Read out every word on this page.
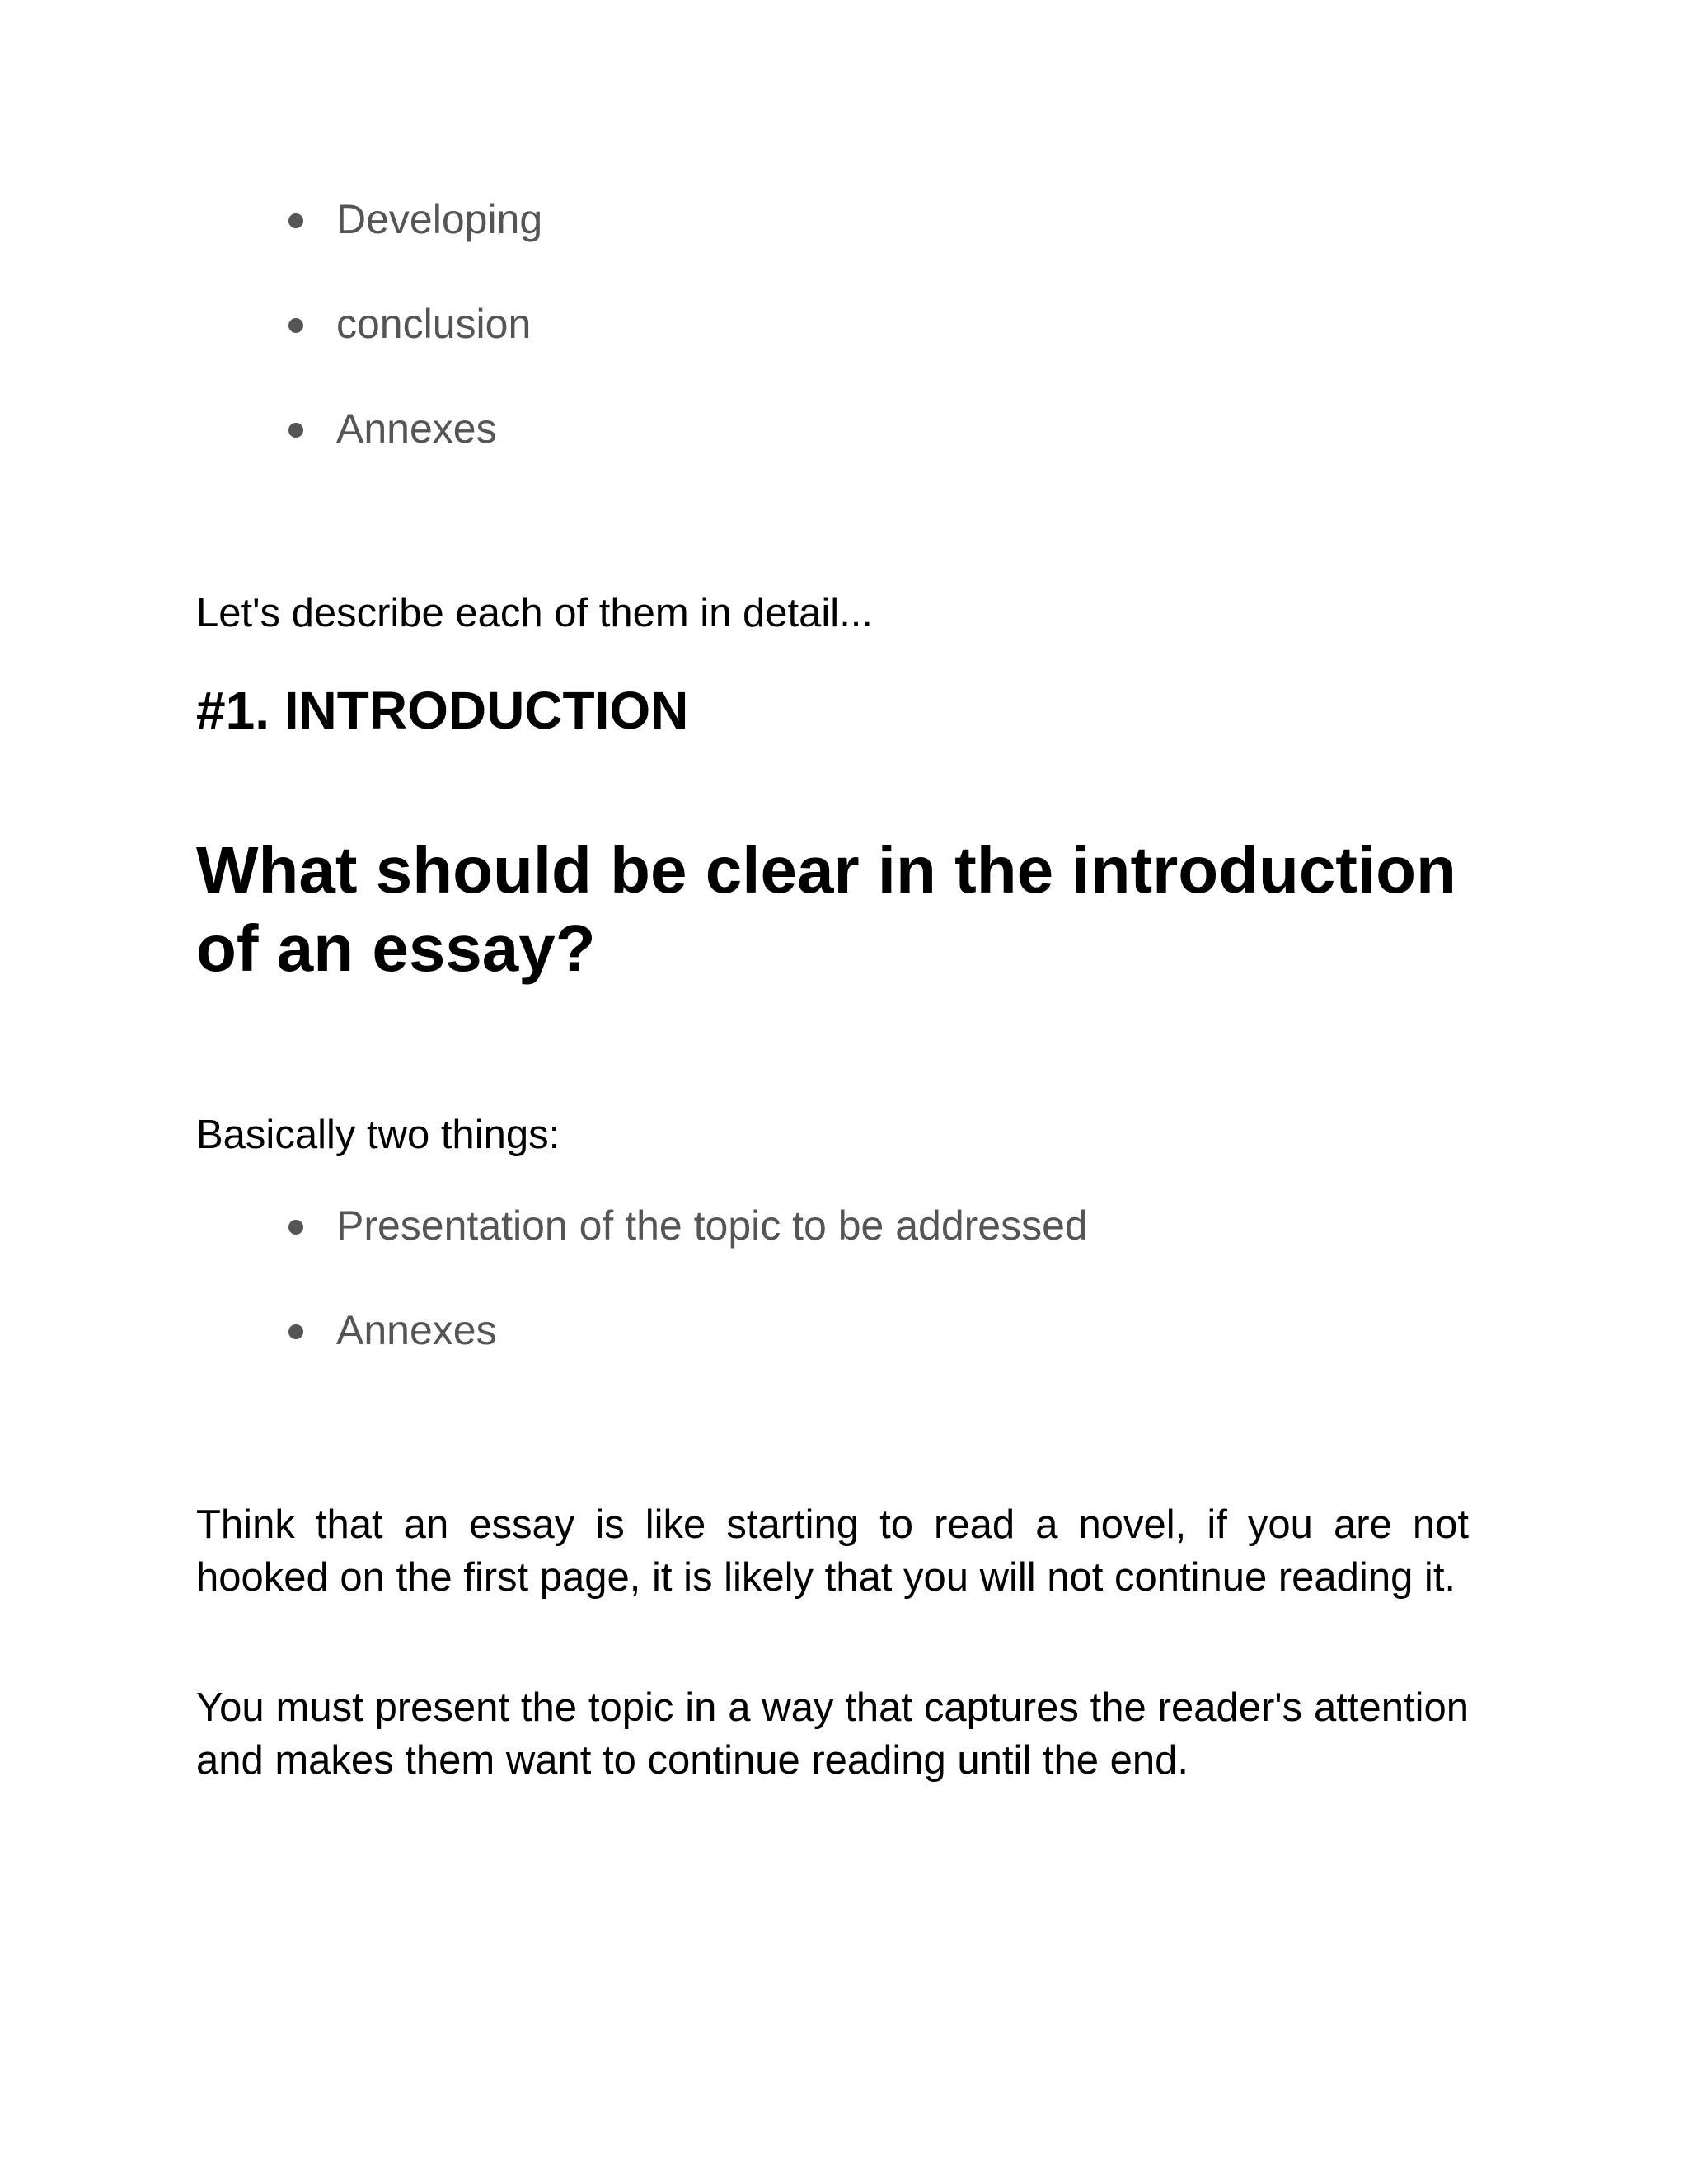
Developing
conclusion
Annexes

Let's describe each of them in detail...

#1. INTRODUCTION
What should be clear in the introduction of an essay?

Basically two things:

Presentation of the topic to be addressed
Annexes

Think that an essay is like starting to read a novel, if you are not hooked on the first page, it is likely that you will not continue reading it.

You must present the topic in a way that captures the reader's attention and makes them want to continue reading until the end.
